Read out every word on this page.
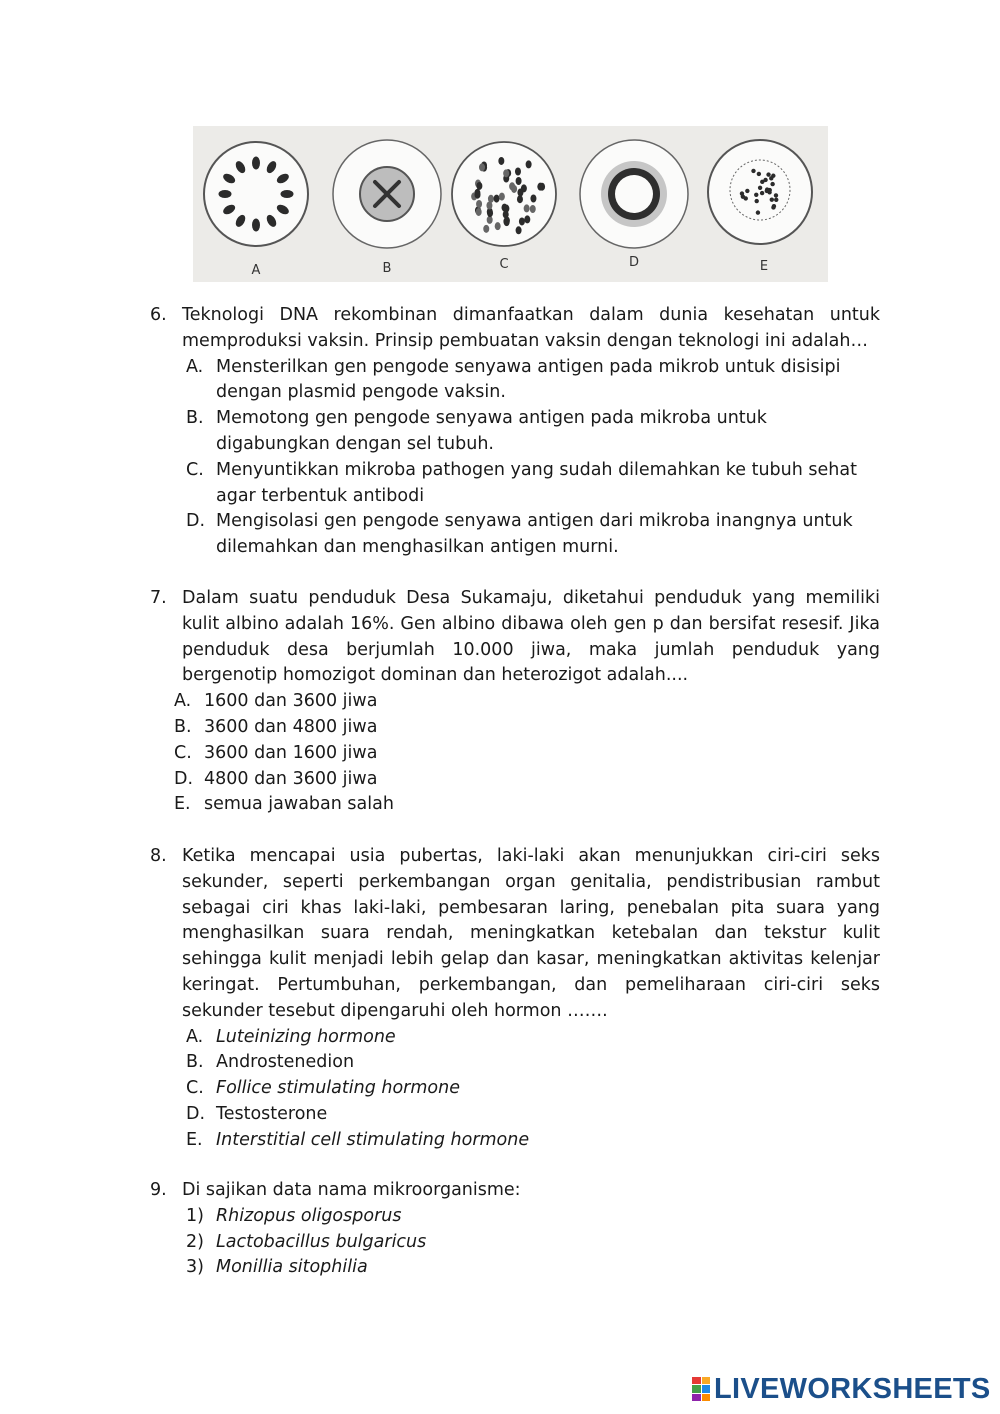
A	B	C	D	E
6. Teknologi DNA rekombinan dimanfaatkan dalam dunia kesehatan untuk memproduksi vaksin. Prinsip pembuatan vaksin dengan teknologi ini adalah…
A. Mensterilkan gen pengode senyawa antigen pada mikrob untuk disisipi dengan plasmid pengode vaksin.
B. Memotong gen pengode senyawa antigen pada mikroba untuk digabungkan dengan sel tubuh.
C. Menyuntikkan mikroba pathogen yang sudah dilemahkan ke tubuh sehat agar terbentuk antibodi
D. Mengisolasi gen pengode senyawa antigen dari mikroba inangnya untuk dilemahkan dan menghasilkan antigen murni.
7. Dalam suatu penduduk Desa Sukamaju, diketahui penduduk yang memiliki kulit albino adalah 16%. Gen albino dibawa oleh gen p dan bersifat resesif. Jika penduduk desa berjumlah 10.000 jiwa, maka jumlah penduduk yang bergenotip homozigot dominan dan heterozigot adalah....
A. 1600 dan 3600 jiwa
B. 3600 dan 4800 jiwa
C. 3600 dan 1600 jiwa
D. 4800 dan 3600 jiwa
E. semua jawaban salah
8. Ketika mencapai usia pubertas, laki-laki akan menunjukkan ciri-ciri seks sekunder, seperti perkembangan organ genitalia, pendistribusian rambut sebagai ciri khas laki-laki, pembesaran laring, penebalan pita suara yang menghasilkan suara rendah, meningkatkan ketebalan dan tekstur kulit sehingga kulit menjadi lebih gelap dan kasar, meningkatkan aktivitas kelenjar keringat. Pertumbuhan, perkembangan, dan pemeliharaan ciri-ciri seks sekunder tesebut dipengaruhi oleh hormon …….
A. Luteinizing hormone
B. Androstenedion
C. Follice stimulating hormone
D. Testosterone
E. Interstitial cell stimulating hormone
9. Di sajikan data nama mikroorganisme:
1) Rhizopus oligosporus
2) Lactobacillus bulgaricus
3) Monillia sitophilia
LIVEWORKSHEETS
